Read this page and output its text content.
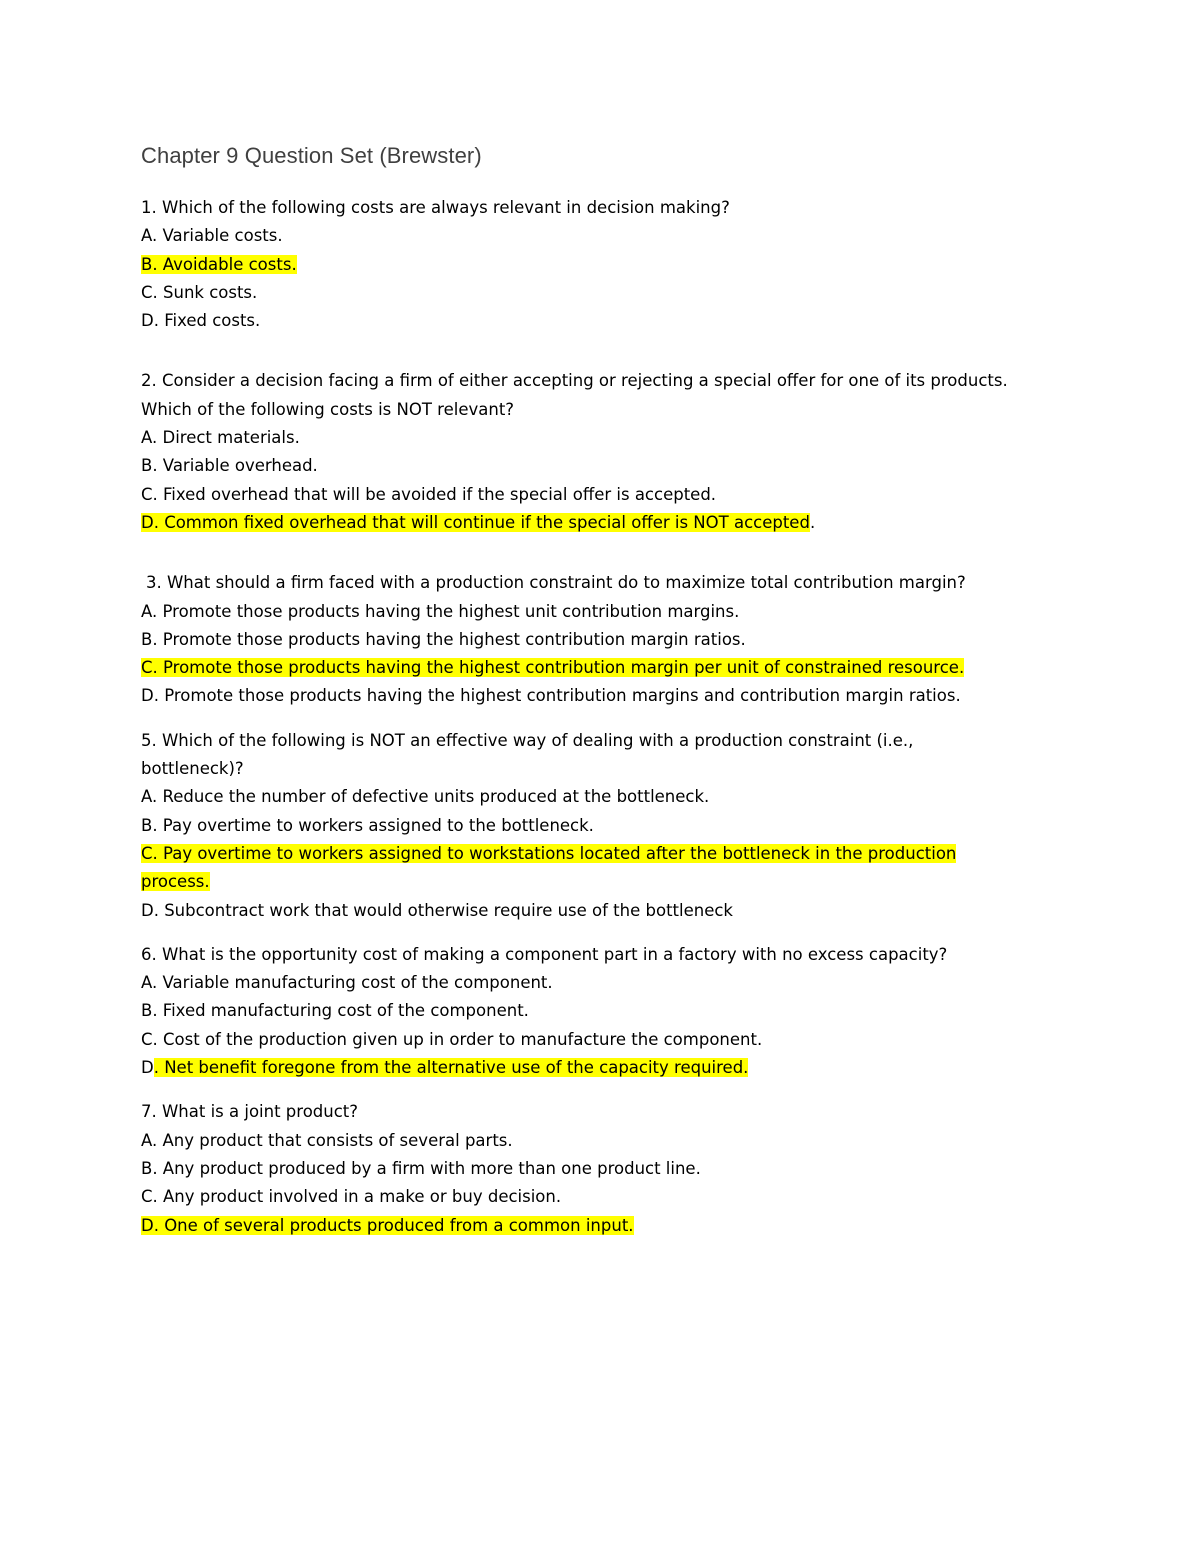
Chapter 9 Question Set (Brewster)
1. Which of the following costs are always relevant in decision making?
A. Variable costs.
B. Avoidable costs.
C. Sunk costs.
D. Fixed costs.
2. Consider a decision facing a firm of either accepting or rejecting a special offer for one of its products.
Which of the following costs is NOT relevant?
A. Direct materials.
B. Variable overhead.
C. Fixed overhead that will be avoided if the special offer is accepted.
D. Common fixed overhead that will continue if the special offer is NOT accepted.
3. What should a firm faced with a production constraint do to maximize total contribution margin?
A. Promote those products having the highest unit contribution margins.
B. Promote those products having the highest contribution margin ratios.
C. Promote those products having the highest contribution margin per unit of constrained resource.
D. Promote those products having the highest contribution margins and contribution margin ratios.
5. Which of the following is NOT an effective way of dealing with a production constraint (i.e.,
bottleneck)?
A. Reduce the number of defective units produced at the bottleneck.
B. Pay overtime to workers assigned to the bottleneck.
C. Pay overtime to workers assigned to workstations located after the bottleneck in the production
process.
D. Subcontract work that would otherwise require use of the bottleneck
6. What is the opportunity cost of making a component part in a factory with no excess capacity?
A. Variable manufacturing cost of the component.
B. Fixed manufacturing cost of the component.
C. Cost of the production given up in order to manufacture the component.
D. Net benefit foregone from the alternative use of the capacity required.
7. What is a joint product?
A. Any product that consists of several parts.
B. Any product produced by a firm with more than one product line.
C. Any product involved in a make or buy decision.
D. One of several products produced from a common input.
